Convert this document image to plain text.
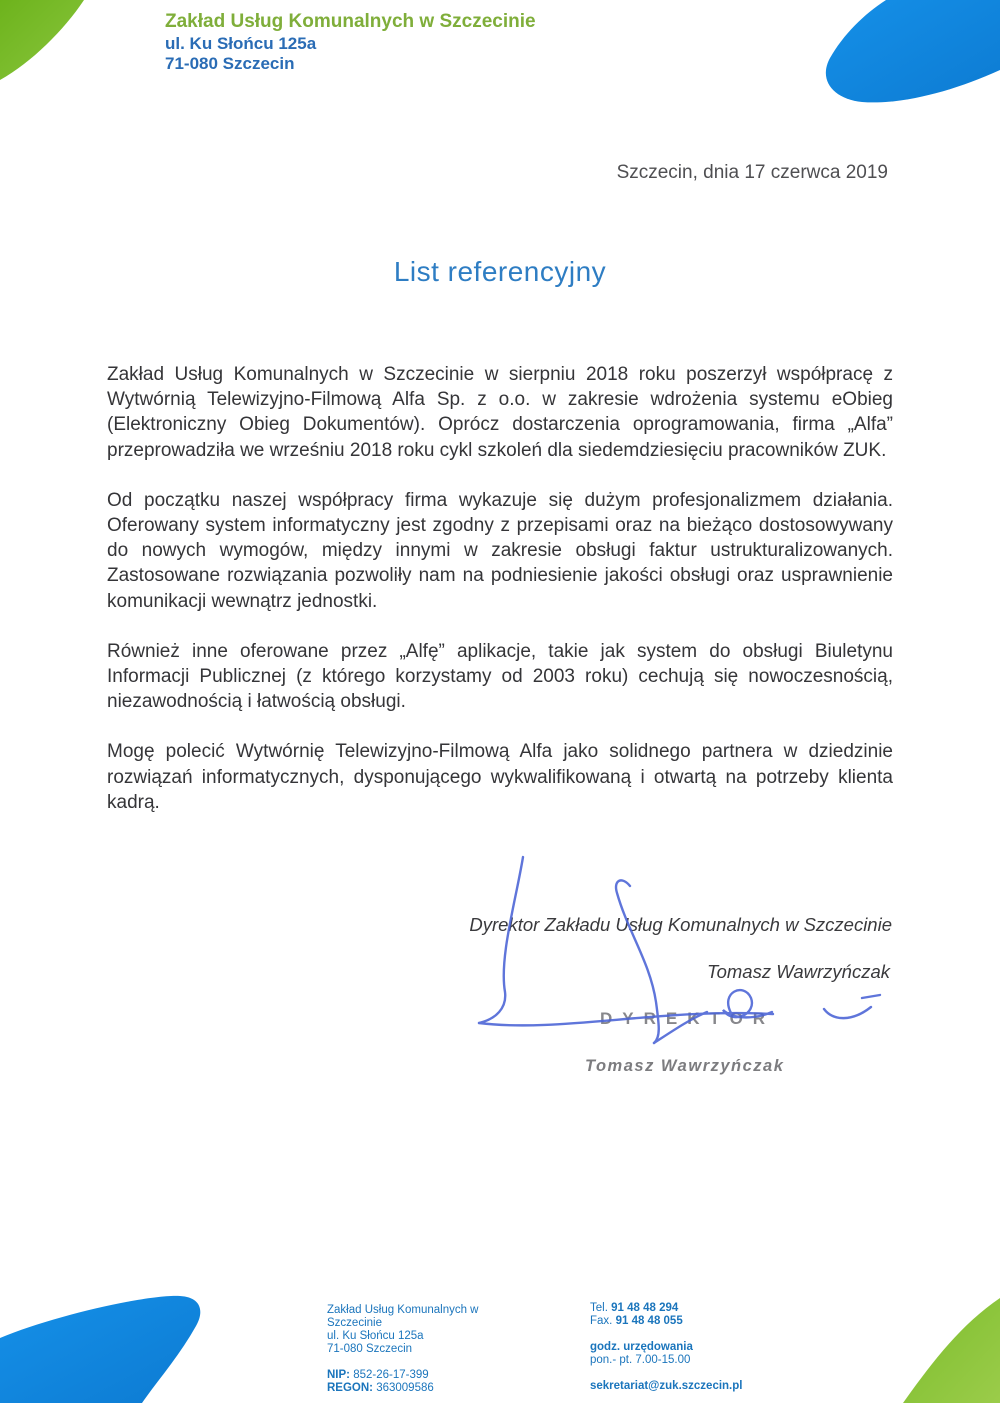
Zakład Usług Komunalnych w Szczecinie
ul. Ku Słońcu 125a
71-080 Szczecin
Szczecin, dnia 17 czerwca 2019
List referencyjny

Zakład Usług Komunalnych w Szczecinie w sierpniu 2018 roku poszerzył współpracę z Wytwórnią Telewizyjno-Filmową Alfa Sp. z o.o. w zakresie wdrożenia systemu eObieg (Elektroniczny Obieg Dokumentów). Oprócz dostarczenia oprogramowania, firma „Alfa” przeprowadziła we wrześniu 2018 roku cykl szkoleń dla siedemdziesięciu pracowników ZUK.

Od początku naszej współpracy firma wykazuje się dużym profesjonalizmem działania. Oferowany system informatyczny jest zgodny z przepisami oraz na bieżąco dostosowywany do nowych wymogów, między innymi w zakresie obsługi faktur ustrukturalizowanych. Zastosowane rozwiązania pozwoliły nam na podniesienie jakości obsługi oraz usprawnienie komunikacji wewnątrz jednostki.

Również inne oferowane przez „Alfę” aplikacje, takie jak system do obsługi Biuletynu Informacji Publicznej (z którego korzystamy od 2003 roku) cechują się nowoczesnością, niezawodnością i łatwością obsługi.

Mogę polecić Wytwórnię Telewizyjno-Filmową Alfa jako solidnego partnera w dziedzinie rozwiązań informatycznych, dysponującego wykwalifikowaną i otwartą na potrzeby klienta kadrą.

Dyrektor Zakładu Usług Komunalnych w Szczecinie
Tomasz Wawrzyńczak
DYREKTOR
Tomasz Wawrzyńczak
Zakład Usług Komunalnych w
Szczecinie
ul. Ku Słońcu 125a
71-080 Szczecin
NIP: 852-26-17-399
REGON: 363009586
Tel. 91 48 48 294
Fax. 91 48 48 055
godz. urzędowania
pon.- pt. 7.00-15.00
sekretariat@zuk.szczecin.pl
